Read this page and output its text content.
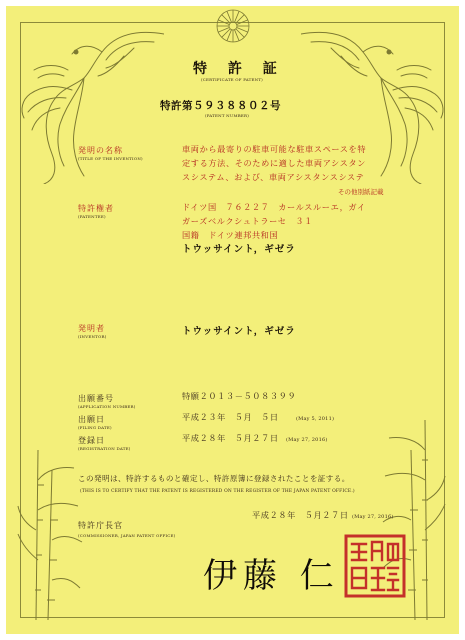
特 許 証
(CERTIFICATE OF PATENT)
特許第５９３８８０２号
(PATENT NUMBER)
発明の名称
(TITLE OF THE INVENTION)
車両から最寄りの駐車可能な駐車スペースを特
定する方法、そのために適した車両アシスタン
スシステム、および、車両アシスタンスシステ
その他別紙記載
特許権者
(PATENTEE)
ドイツ国　７６２２７　カールスルーエ，ガイ
ガーズベルクシュトラーセ　３１
国籍　ドイツ連邦共和国
トウッサイント，ギゼラ
発明者
(INVENTOR)	トウッサイント，ギゼラ
出願番号
(APPLICATION NUMBER)
特願２０１３－５０８３９９
出願日
(FILING DATE)
平成２３年　５月　５日	(May 5, 2011)
登録日
(REGISTRATION DATE)
平成２８年　５月２７日 (May 27, 2016)
この発明は、特許するものと確定し、特許原簿に登録されたことを証する。
(THIS IS TO CERTIFY THAT THE PATENT IS REGISTERED ON THE REGISTER OF THE JAPAN PATENT OFFICE.)
特許庁長官
(COMMISSIONER, JAPAN PATENT OFFICE)
平成２８年　５月２７日 (May 27, 2016)
伊藤 仁
